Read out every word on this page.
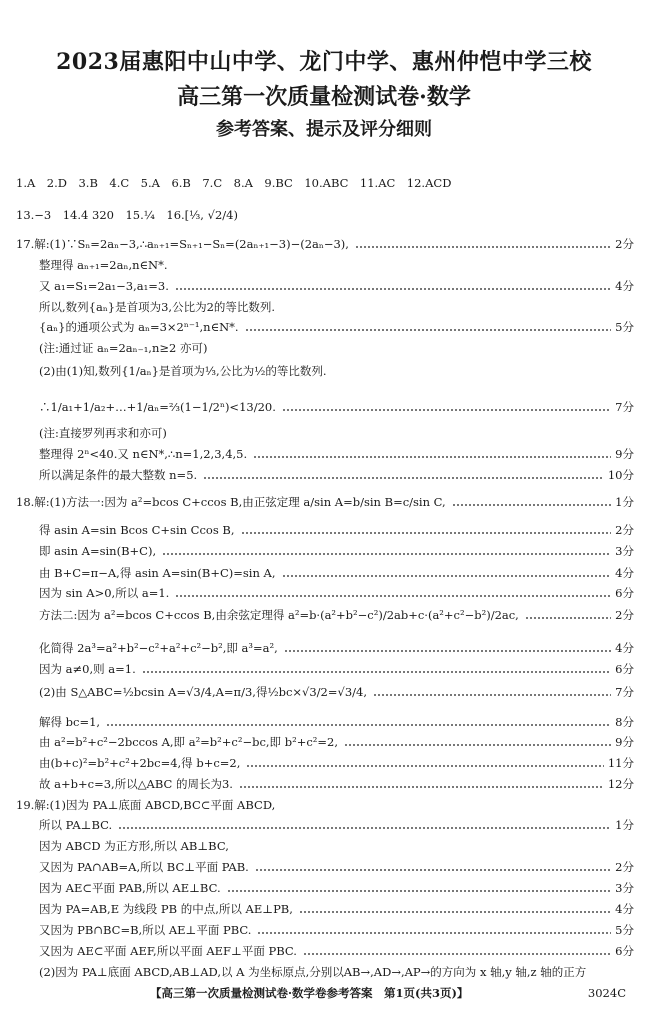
2023届惠阳中山中学、龙门中学、惠州仲恺中学三校
高三第一次质量检测试卷·数学
参考答案、提示及评分细则
1.A　2.D　3.B　4.C　5.A　6.B　7.C　8.A　9.BC　10.ABC　11.AC　12.ACD
13.−3　14.4 320　15.¼　16.[⅓, √2/4)
17.解:(1)∵Sₙ=2aₙ−3,∴aₙ₊₁=Sₙ₊₁−Sₙ=(2aₙ₊₁−3)−(2aₙ−3),	2分
　　整理得 aₙ₊₁=2aₙ,n∈N*.
　　又 a₁=S₁=2a₁−3,a₁=3.	4分
　　所以,数列{aₙ}是首项为3,公比为2的等比数列.
　　{aₙ}的通项公式为 aₙ=3×2ⁿ⁻¹,n∈N*.	5分
　　(注:通过证 aₙ=2aₙ₋₁,n≥2 亦可)
　　(2)由(1)知,数列{1/aₙ}是首项为⅓,公比为½的等比数列.
　　∴1/a₁+1/a₂+…+1/aₙ=⅔(1−1/2ⁿ)<13/20.	7分
　　(注:直接罗列再求和亦可)
　　整理得 2ⁿ<40.又 n∈N*,∴n=1,2,3,4,5.	9分
　　所以满足条件的最大整数 n=5.	10分
18.解:(1)方法一:因为 a²=bcos C+ccos B,由正弦定理 a/sin A=b/sin B=c/sin C,	1分
　　得 asin A=sin Bcos C+sin Ccos B,	2分
　　即 asin A=sin(B+C),	3分
　　由 B+C=π−A,得 asin A=sin(B+C)=sin A,	4分
　　因为 sin A>0,所以 a=1.	6分
　　方法二:因为 a²=bcos C+ccos B,由余弦定理得 a²=b·(a²+b²−c²)/2ab+c·(a²+c²−b²)/2ac,	2分
　　化简得 2a³=a²+b²−c²+a²+c²−b²,即 a³=a²,	4分
　　因为 a≠0,则 a=1.	6分
　　(2)由 S△ABC=½bcsin A=√3/4,A=π/3,得½bc×√3/2=√3/4,	7分
　　解得 bc=1,	8分
　　由 a²=b²+c²−2bccos A,即 a²=b²+c²−bc,即 b²+c²=2,	9分
　　由(b+c)²=b²+c²+2bc=4,得 b+c=2,	11分
　　故 a+b+c=3,所以△ABC 的周长为3.	12分
19.解:(1)因为 PA⊥底面 ABCD,BC⊂平面 ABCD,
　　所以 PA⊥BC.	1分
　　因为 ABCD 为正方形,所以 AB⊥BC,
　　又因为 PA∩AB=A,所以 BC⊥平面 PAB.	2分
　　因为 AE⊂平面 PAB,所以 AE⊥BC.	3分
　　因为 PA=AB,E 为线段 PB 的中点,所以 AE⊥PB,	4分
　　又因为 PB∩BC=B,所以 AE⊥平面 PBC.	5分
　　又因为 AE⊂平面 AEF,所以平面 AEF⊥平面 PBC.	6分
　　(2)因为 PA⊥底面 ABCD,AB⊥AD,以 A 为坐标原点,分别以AB→,AD→,AP→的方向为 x 轴,y 轴,z 轴的正方
【高三第一次质量检测试卷·数学卷参考答案　第1页(共3页)】	3024C
